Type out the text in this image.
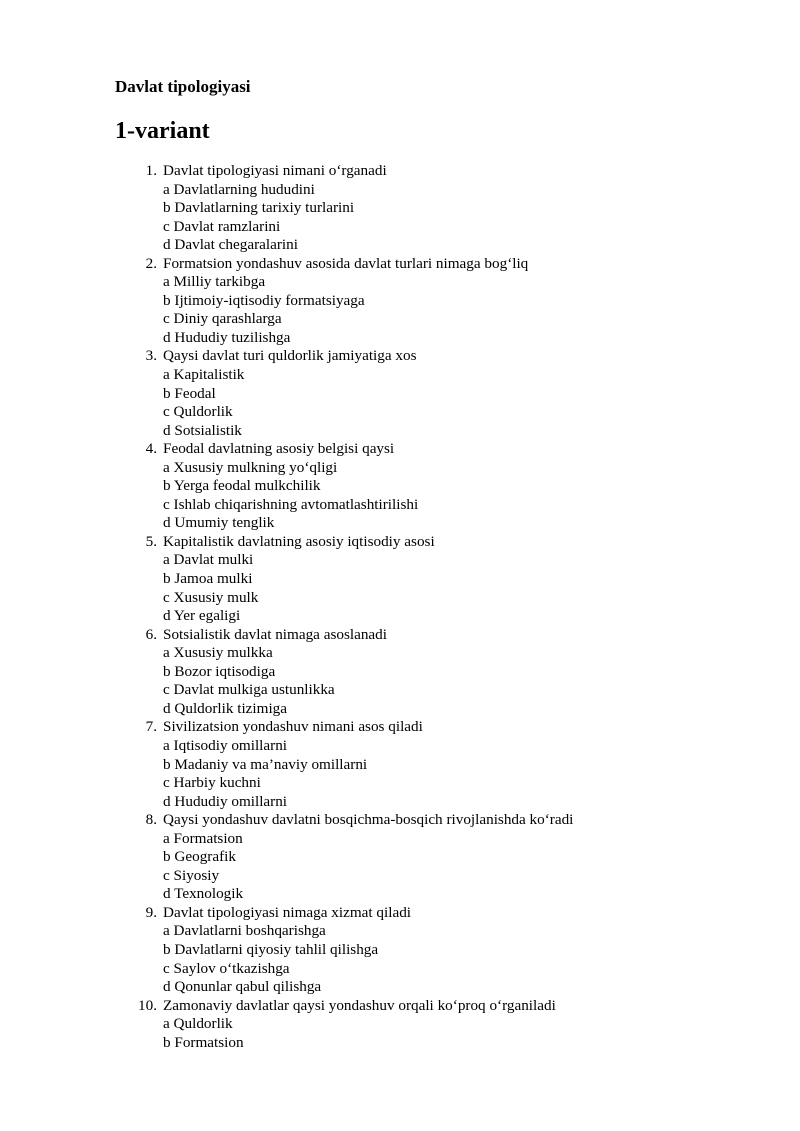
Davlat tipologiyasi
1-variant
1. Davlat tipologiyasi nimani o‘rganadi
a Davlatlarning hududini
b Davlatlarning tarixiy turlarini
c Davlat ramzlarini
d Davlat chegaralarini
2. Formatsion yondashuv asosida davlat turlari nimaga bog‘liq
a Milliy tarkibga
b Ijtimoiy-iqtisodiy formatsiyaga
c Diniy qarashlarga
d Hududiy tuzilishga
3. Qaysi davlat turi quldorlik jamiyatiga xos
a Kapitalistik
b Feodal
c Quldorlik
d Sotsialistik
4. Feodal davlatning asosiy belgisi qaysi
a Xususiy mulkning yo‘qligi
b Yerga feodal mulkchilik
c Ishlab chiqarishning avtomatlashtirilishi
d Umumiy tenglik
5. Kapitalistik davlatning asosiy iqtisodiy asosi
a Davlat mulki
b Jamoa mulki
c Xususiy mulk
d Yer egaligi
6. Sotsialistik davlat nimaga asoslanadi
a Xususiy mulkka
b Bozor iqtisodiga
c Davlat mulkiga ustunlikka
d Quldorlik tizimiga
7. Sivilizatsion yondashuv nimani asos qiladi
a Iqtisodiy omillarni
b Madaniy va ma’naviy omillarni
c Harbiy kuchni
d Hududiy omillarni
8. Qaysi yondashuv davlatni bosqichma-bosqich rivojlanishda ko‘radi
a Formatsion
b Geografik
c Siyosiy
d Texnologik
9. Davlat tipologiyasi nimaga xizmat qiladi
a Davlatlarni boshqarishga
b Davlatlarni qiyosiy tahlil qilishga
c Saylov o‘tkazishga
d Qonunlar qabul qilishga
10. Zamonaviy davlatlar qaysi yondashuv orqali ko‘proq o‘rganiladi
a Quldorlik
b Formatsion
